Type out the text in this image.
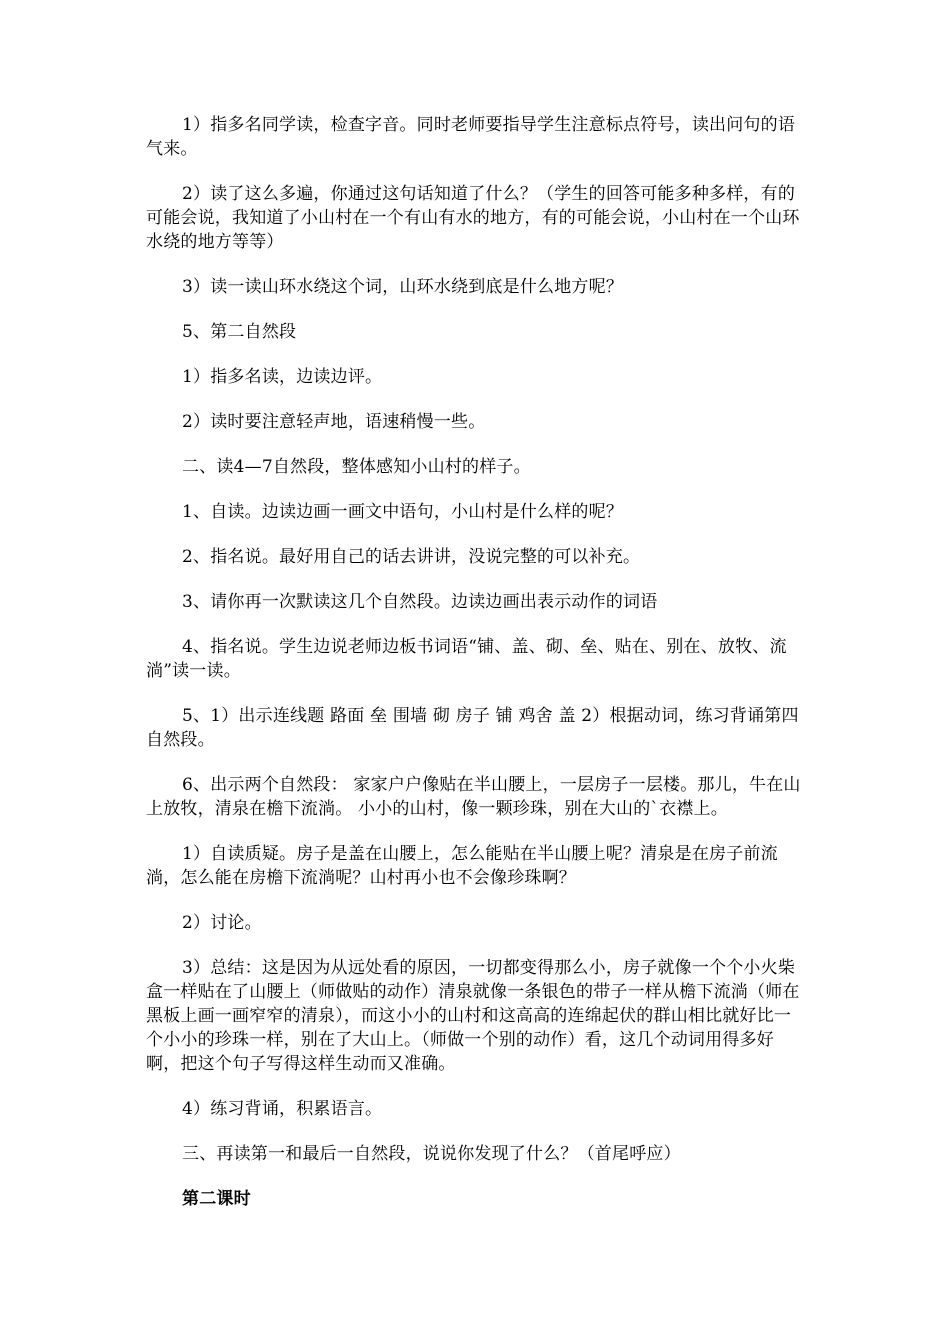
1）指多名同学读，检查字音。同时老师要指导学生注意标点符号，读出问句的语气来。

2）读了这么多遍，你通过这句话知道了什么？（学生的回答可能多种多样，有的可能会说，我知道了小山村在一个有山有水的地方，有的可能会说，小山村在一个山环水绕的地方等等）

3）读一读山环水绕这个词，山环水绕到底是什么地方呢？

5、第二自然段

1）指多名读，边读边评。

2）读时要注意轻声地，语速稍慢一些。

二、读4—7自然段，整体感知小山村的样子。

1、自读。边读边画一画文中语句，小山村是什么样的呢？

2、指名说。最好用自己的话去讲讲，没说完整的可以补充。

3、请你再一次默读这几个自然段。边读边画出表示动作的词语

4、指名说。学生边说老师边板书词语“铺、盖、砌、垒、贴在、别在、放牧、流淌”读一读。

5、1）出示连线题 路面 垒 围墙 砌 房子 铺 鸡舍 盖 2）根据动词，练习背诵第四自然段。

6、出示两个自然段： 家家户户像贴在半山腰上，一层房子一层楼。那儿，牛在山上放牧，清泉在檐下流淌。 小小的山村，像一颗珍珠，别在大山的`衣襟上。

1）自读质疑。房子是盖在山腰上，怎么能贴在半山腰上呢？清泉是在房子前流淌，怎么能在房檐下流淌呢？山村再小也不会像珍珠啊？

2）讨论。

3）总结：这是因为从远处看的原因，一切都变得那么小，房子就像一个个小火柴盒一样贴在了山腰上（师做贴的动作）清泉就像一条银色的带子一样从檐下流淌（师在黑板上画一画窄窄的清泉），而这小小的山村和这高高的连绵起伏的群山相比就好比一个小小的珍珠一样，别在了大山上。（师做一个别的动作）看，这几个动词用得多好啊，把这个句子写得这样生动而又准确。

4）练习背诵，积累语言。

三、再读第一和最后一自然段，说说你发现了什么？（首尾呼应）

第二课时
